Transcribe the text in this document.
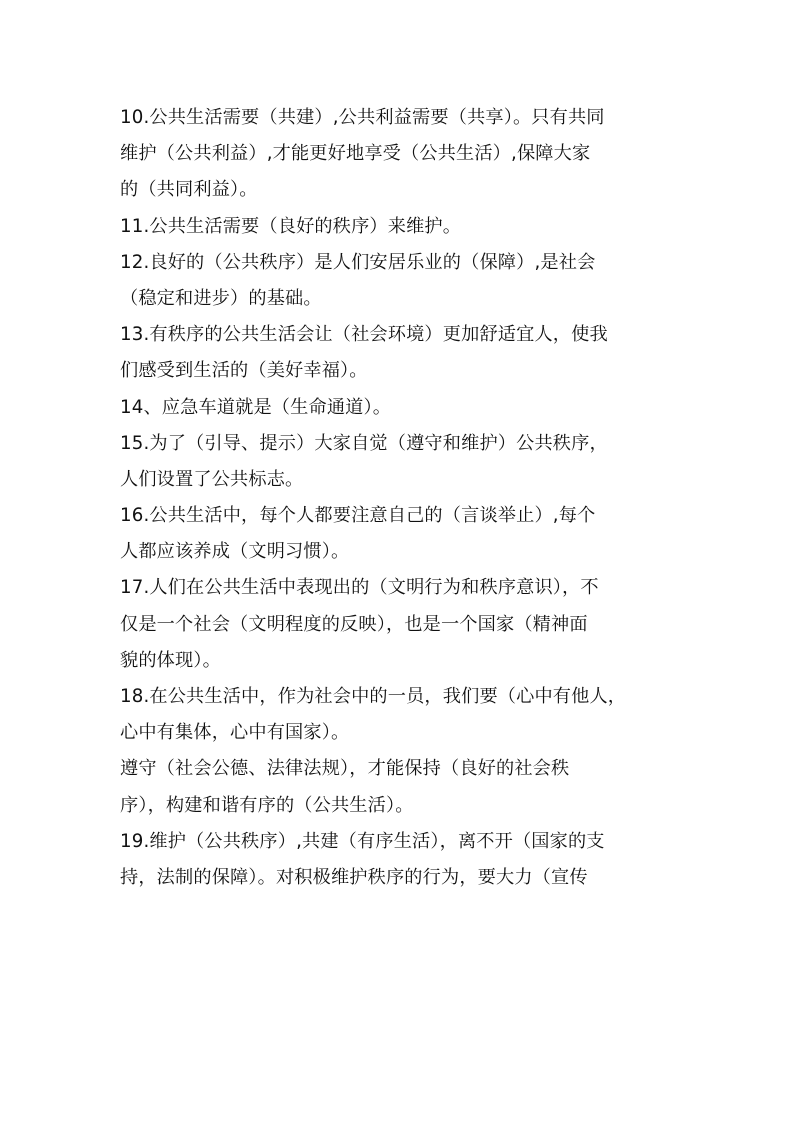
10.公共生活需要（共建）,公共利益需要（共享）。只有共同
维护（公共利益）,才能更好地享受（公共生活）,保障大家
的（共同利益）。
11.公共生活需要（良好的秩序）来维护。
12.良好的（公共秩序）是人们安居乐业的（保障）,是社会
（稳定和进步）的基础。
13.有秩序的公共生活会让（社会环境）更加舒适宜人，使我
们感受到生活的（美好幸福）。
14、应急车道就是（生命通道）。
15.为了（引导、提示）大家自觉（遵守和维护）公共秩序，
人们设置了公共标志。
16.公共生活中，每个人都要注意自己的（言谈举止）,每个
人都应该养成（文明习惯）。
17.人们在公共生活中表现出的（文明行为和秩序意识），不
仅是一个社会（文明程度的反映），也是一个国家（精神面
貌的体现）。
18.在公共生活中，作为社会中的一员，我们要（心中有他人，
心中有集体，心中有国家）。
遵守（社会公德、法律法规），才能保持（良好的社会秩
序），构建和谐有序的（公共生活）。
19.维护（公共秩序）,共建（有序生活），离不开（国家的支
持，法制的保障）。对积极维护秩序的行为，要大力（宣传
